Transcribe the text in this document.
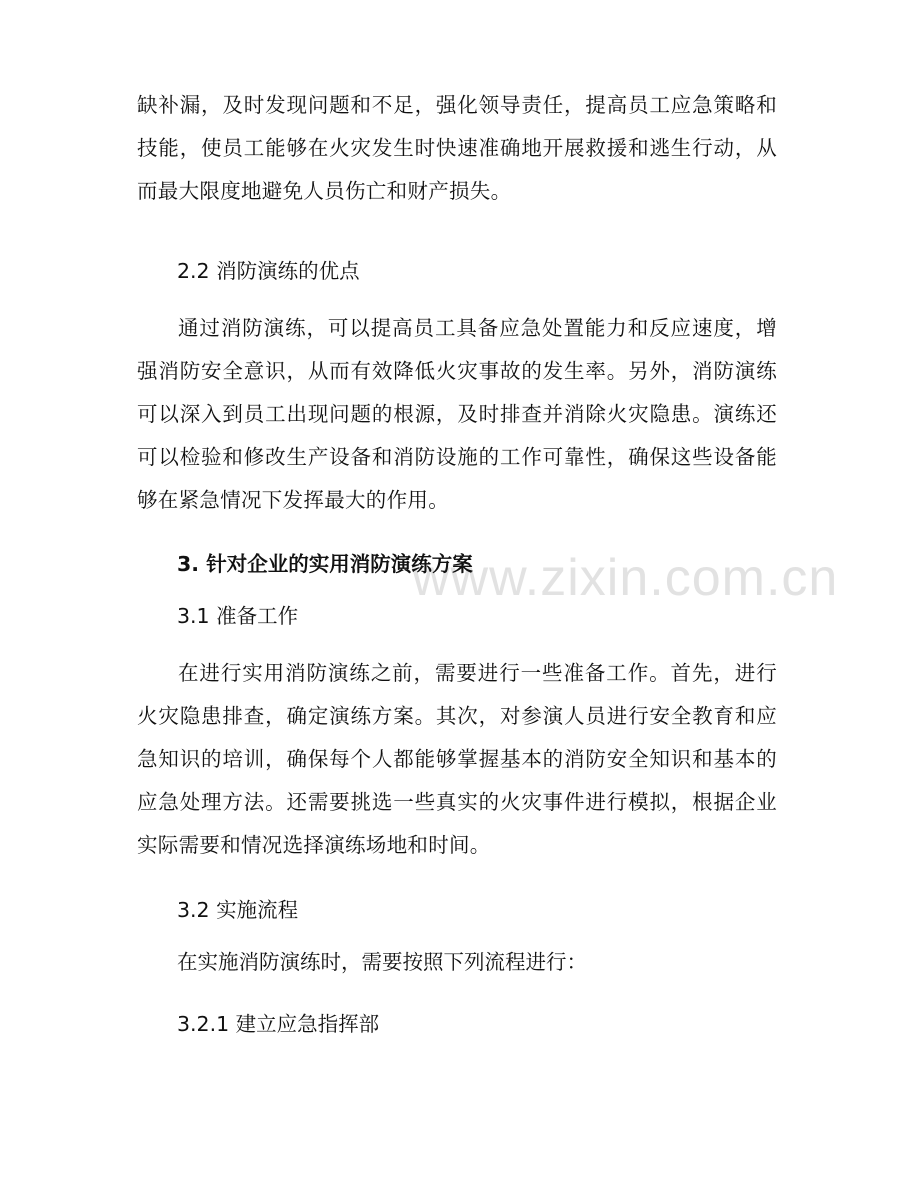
www.zixin.com.cn

缺补漏，及时发现问题和不足，强化领导责任，提高员工应急策略和技能，使员工能够在火灾发生时快速准确地开展救援和逃生行动，从而最大限度地避免人员伤亡和财产损失。

2.2 消防演练的优点

通过消防演练，可以提高员工具备应急处置能力和反应速度，增强消防安全意识，从而有效降低火灾事故的发生率。另外，消防演练可以深入到员工出现问题的根源，及时排查并消除火灾隐患。演练还可以检验和修改生产设备和消防设施的工作可靠性，确保这些设备能够在紧急情况下发挥最大的作用。

3. 针对企业的实用消防演练方案
3.1 准备工作

在进行实用消防演练之前，需要进行一些准备工作。首先，进行火灾隐患排查，确定演练方案。其次，对参演人员进行安全教育和应急知识的培训，确保每个人都能够掌握基本的消防安全知识和基本的应急处理方法。还需要挑选一些真实的火灾事件进行模拟，根据企业实际需要和情况选择演练场地和时间。

3.2 实施流程
在实施消防演练时，需要按照下列流程进行：
3.2.1 建立应急指挥部
